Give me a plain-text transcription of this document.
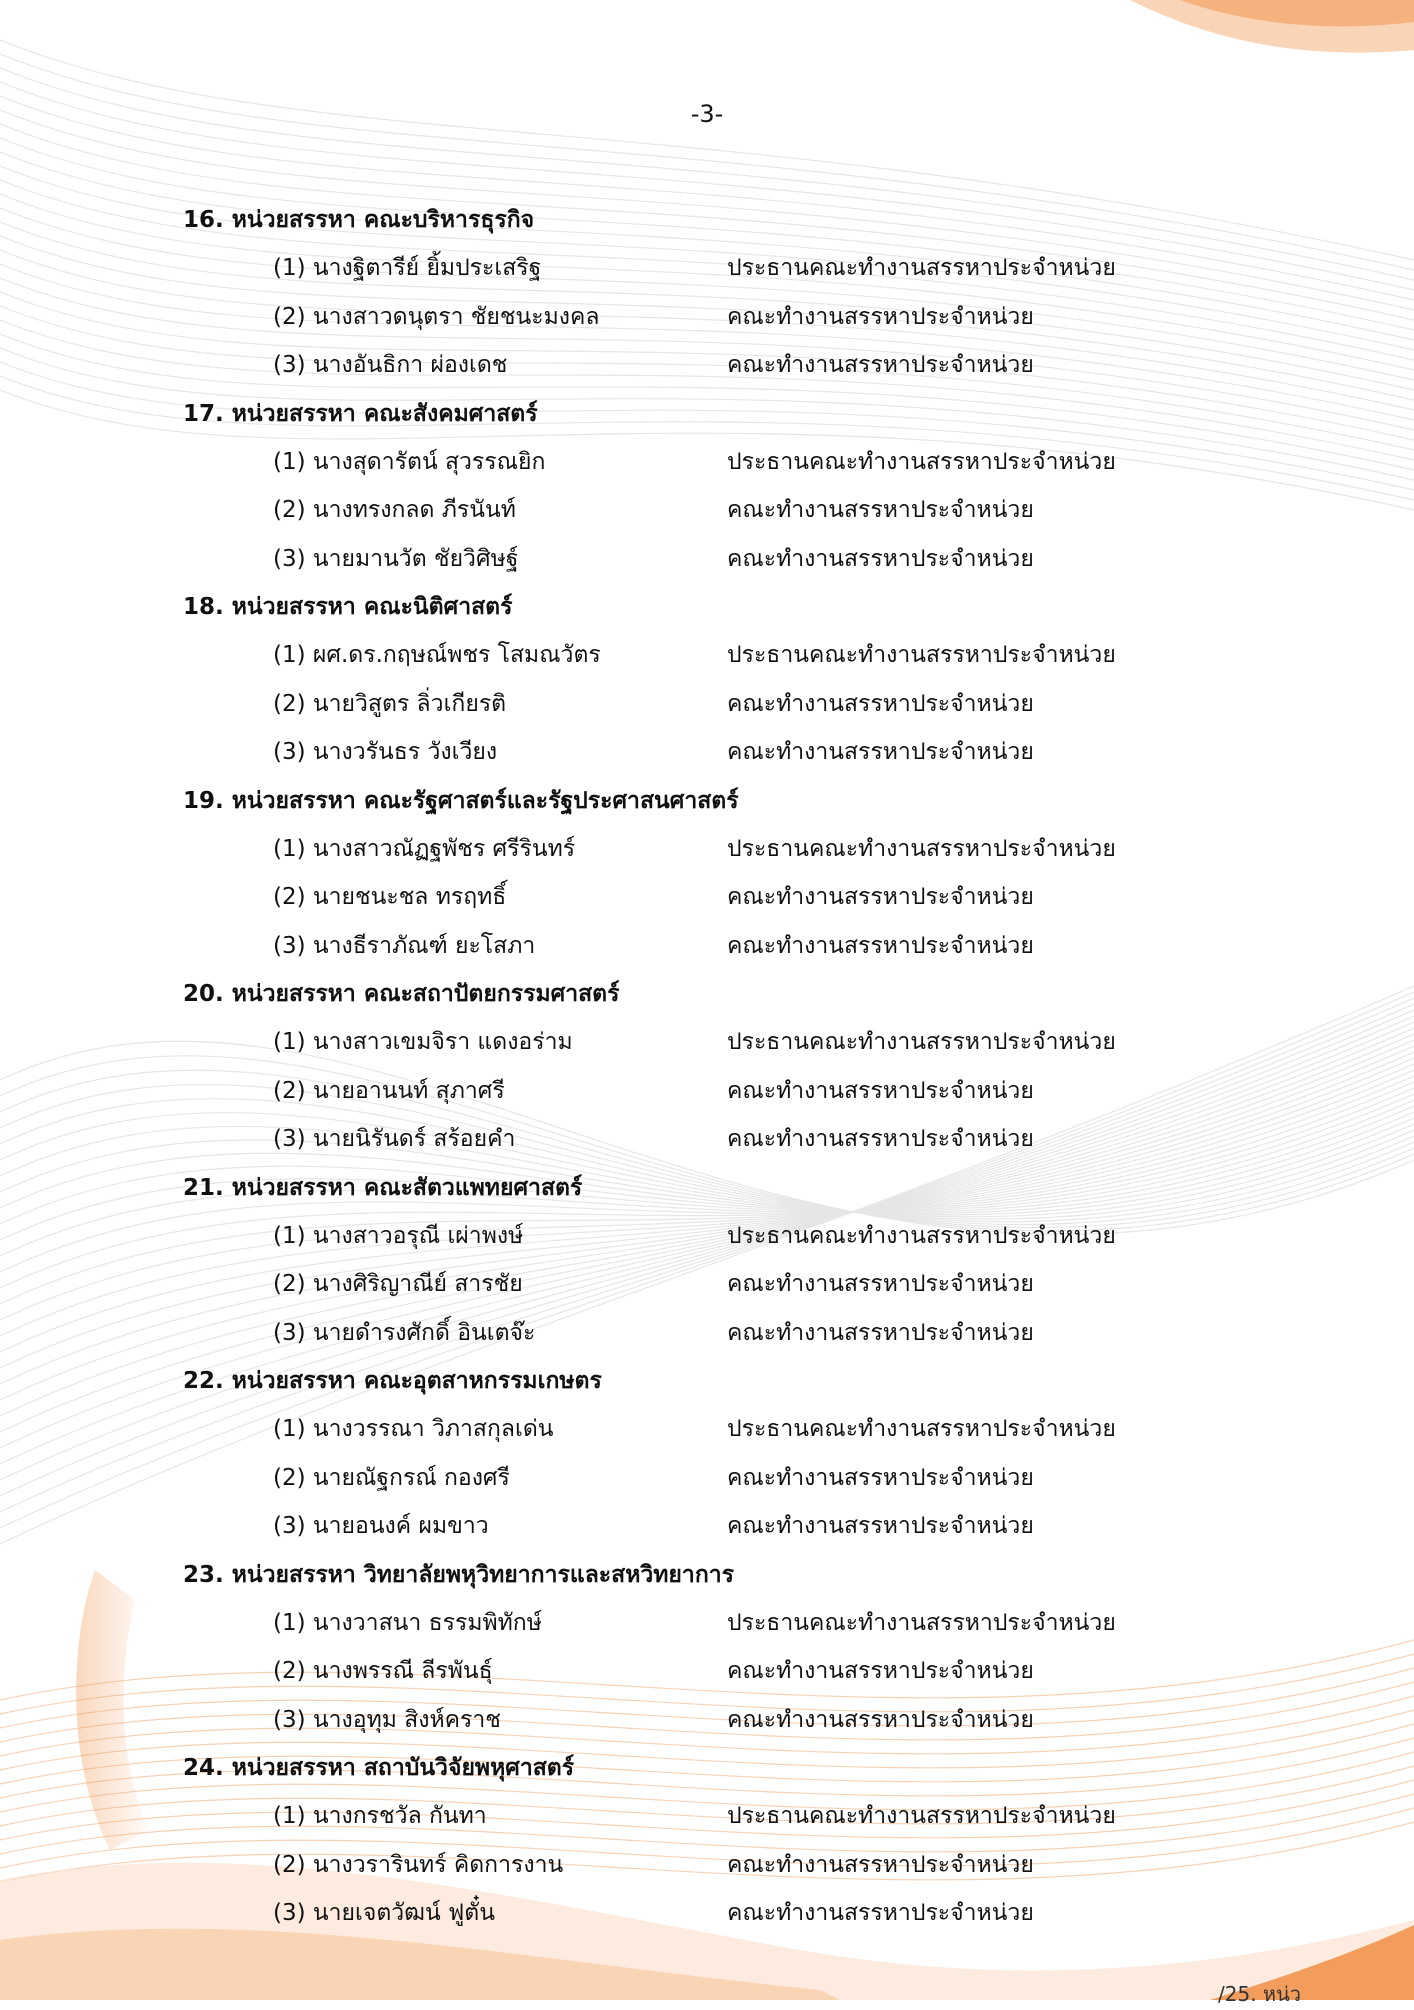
-3-
16. หน่วยสรรหา คณะบริหารธุรกิจ
(1) นางฐิตารีย์ ยิ้มประเสริฐ	ประธานคณะทำงานสรรหาประจำหน่วย
(2) นางสาวดนุตรา ชัยชนะมงคล	คณะทำงานสรรหาประจำหน่วย
(3) นางอันธิกา ผ่องเดช	คณะทำงานสรรหาประจำหน่วย
17. หน่วยสรรหา คณะสังคมศาสตร์
(1) นางสุดารัตน์ สุวรรณยิก	ประธานคณะทำงานสรรหาประจำหน่วย
(2) นางทรงกลด ภีรนันท์	คณะทำงานสรรหาประจำหน่วย
(3) นายมานวัต ชัยวิศิษฐ์	คณะทำงานสรรหาประจำหน่วย
18. หน่วยสรรหา คณะนิติศาสตร์
(1) ผศ.ดร.กฤษณ์พชร โสมณวัตร	ประธานคณะทำงานสรรหาประจำหน่วย
(2) นายวิสูตร ลิ่วเกียรติ	คณะทำงานสรรหาประจำหน่วย
(3) นางวรันธร วังเวียง	คณะทำงานสรรหาประจำหน่วย
19. หน่วยสรรหา คณะรัฐศาสตร์และรัฐประศาสนศาสตร์
(1) นางสาวณัฏฐพัชร ศรีรินทร์	ประธานคณะทำงานสรรหาประจำหน่วย
(2) นายชนะชล ทรฤทธิ์	คณะทำงานสรรหาประจำหน่วย
(3) นางธีราภัณฑ์ ยะโสภา	คณะทำงานสรรหาประจำหน่วย
20. หน่วยสรรหา คณะสถาปัตยกรรมศาสตร์
(1) นางสาวเขมจิรา แดงอร่าม	ประธานคณะทำงานสรรหาประจำหน่วย
(2) นายอานนท์ สุภาศรี	คณะทำงานสรรหาประจำหน่วย
(3) นายนิรันดร์ สร้อยคำ	คณะทำงานสรรหาประจำหน่วย
21. หน่วยสรรหา คณะสัตวแพทยศาสตร์
(1) นางสาวอรุณี เผ่าพงษ์	ประธานคณะทำงานสรรหาประจำหน่วย
(2) นางศิริญาณีย์ สารชัย	คณะทำงานสรรหาประจำหน่วย
(3) นายดำรงศักดิ์ อินเตจ๊ะ	คณะทำงานสรรหาประจำหน่วย
22. หน่วยสรรหา คณะอุตสาหกรรมเกษตร
(1) นางวรรณา วิภาสกุลเด่น	ประธานคณะทำงานสรรหาประจำหน่วย
(2) นายณัฐกรณ์ กองศรี	คณะทำงานสรรหาประจำหน่วย
(3) นายอนงค์ ผมขาว	คณะทำงานสรรหาประจำหน่วย
23. หน่วยสรรหา วิทยาลัยพหุวิทยาการและสหวิทยาการ
(1) นางวาสนา ธรรมพิทักษ์	ประธานคณะทำงานสรรหาประจำหน่วย
(2) นางพรรณี ลีรพันธุ์	คณะทำงานสรรหาประจำหน่วย
(3) นางอุทุม สิงห์คราช	คณะทำงานสรรหาประจำหน่วย
24. หน่วยสรรหา สถาบันวิจัยพหุศาสตร์
(1) นางกรชวัล กันทา	ประธานคณะทำงานสรรหาประจำหน่วย
(2) นางวรารินทร์ คิดการงาน	คณะทำงานสรรหาประจำหน่วย
(3) นายเจตวัฒน์ ฟูตั๋น	คณะทำงานสรรหาประจำหน่วย
/25. หน่ว
